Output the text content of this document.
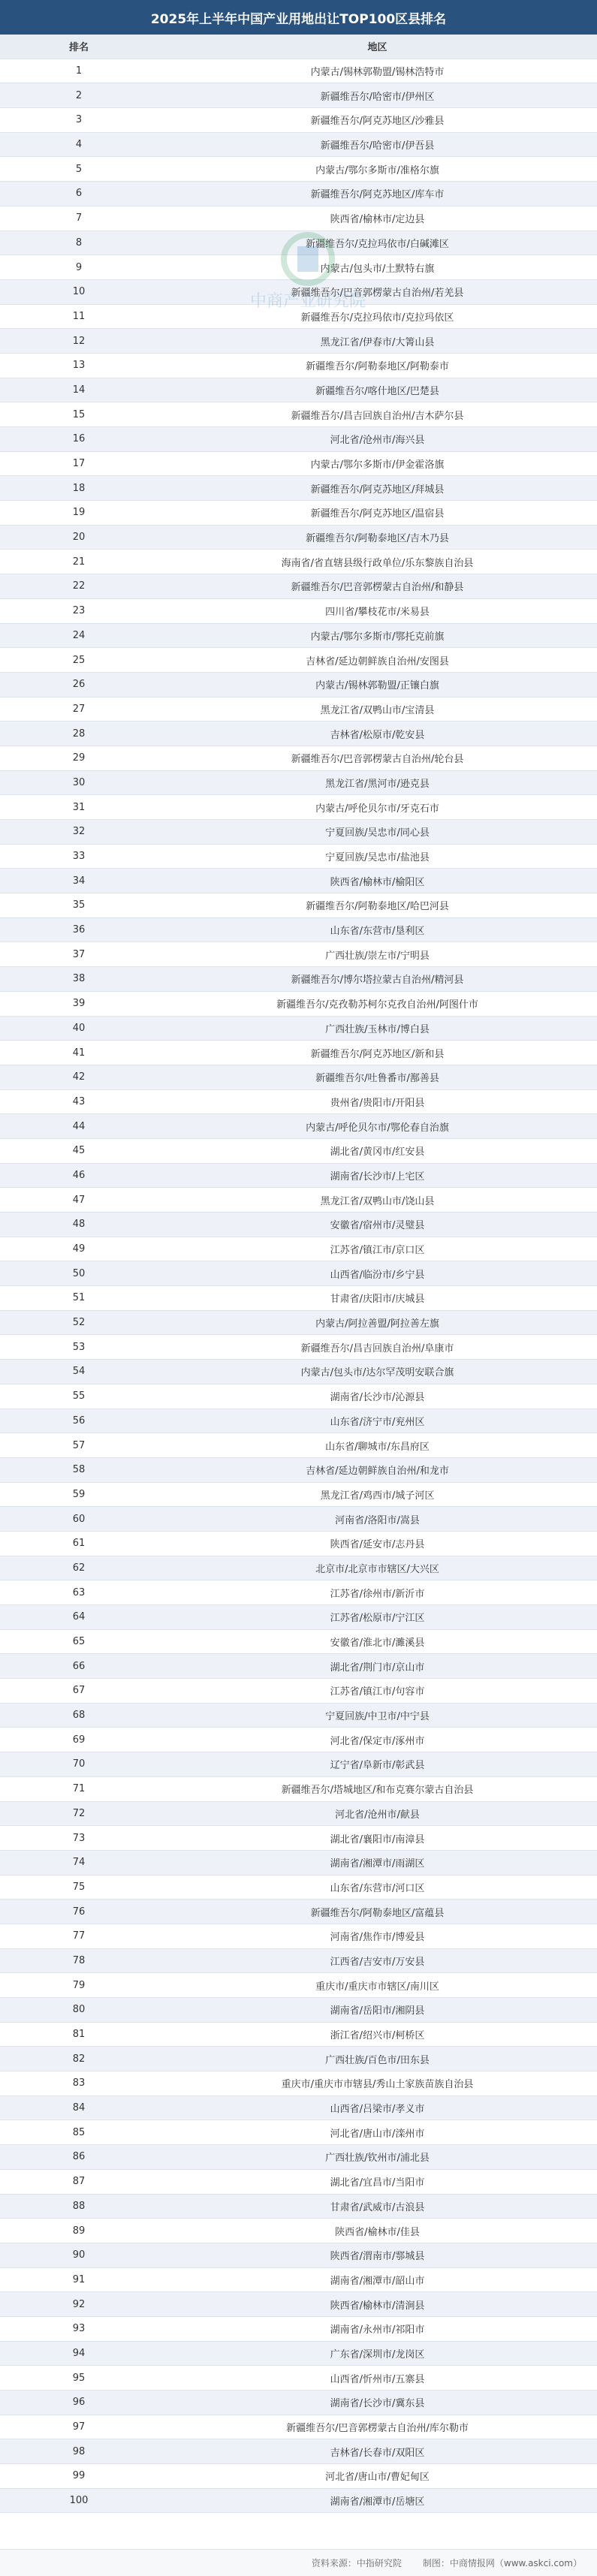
2025年上半年中国产业用地出让TOP100区县排名
排名	地区
1	内蒙古/锡林郭勒盟/锡林浩特市
2	新疆维吾尔/哈密市/伊州区
3	新疆维吾尔/阿克苏地区/沙雅县
4	新疆维吾尔/哈密市/伊吾县
5	内蒙古/鄂尔多斯市/准格尔旗
6	新疆维吾尔/阿克苏地区/库车市
7	陕西省/榆林市/定边县
8	新疆维吾尔/克拉玛依市/白碱滩区
9	内蒙古/包头市/土默特右旗
10	新疆维吾尔/巴音郭楞蒙古自治州/若羌县
11	新疆维吾尔/克拉玛依市/克拉玛依区
12	黑龙江省/伊春市/大箐山县
13	新疆维吾尔/阿勒泰地区/阿勒泰市
14	新疆维吾尔/喀什地区/巴楚县
15	新疆维吾尔/昌吉回族自治州/吉木萨尔县
16	河北省/沧州市/海兴县
17	内蒙古/鄂尔多斯市/伊金霍洛旗
18	新疆维吾尔/阿克苏地区/拜城县
19	新疆维吾尔/阿克苏地区/温宿县
20	新疆维吾尔/阿勒泰地区/吉木乃县
21	海南省/省直辖县级行政单位/乐东黎族自治县
22	新疆维吾尔/巴音郭楞蒙古自治州/和静县
23	四川省/攀枝花市/米易县
24	内蒙古/鄂尔多斯市/鄂托克前旗
25	吉林省/延边朝鲜族自治州/安图县
26	内蒙古/锡林郭勒盟/正镶白旗
27	黑龙江省/双鸭山市/宝清县
28	吉林省/松原市/乾安县
29	新疆维吾尔/巴音郭楞蒙古自治州/轮台县
30	黑龙江省/黑河市/逊克县
31	内蒙古/呼伦贝尔市/牙克石市
32	宁夏回族/吴忠市/同心县
33	宁夏回族/吴忠市/盐池县
34	陕西省/榆林市/榆阳区
35	新疆维吾尔/阿勒泰地区/哈巴河县
36	山东省/东营市/垦利区
37	广西壮族/崇左市/宁明县
38	新疆维吾尔/博尔塔拉蒙古自治州/精河县
39	新疆维吾尔/克孜勒苏柯尔克孜自治州/阿图什市
40	广西壮族/玉林市/博白县
41	新疆维吾尔/阿克苏地区/新和县
42	新疆维吾尔/吐鲁番市/鄯善县
43	贵州省/贵阳市/开阳县
44	内蒙古/呼伦贝尔市/鄂伦春自治旗
45	湖北省/黄冈市/红安县
46	湖南省/长沙市/上宅区
47	黑龙江省/双鸭山市/饶山县
48	安徽省/宿州市/灵璧县
49	江苏省/镇江市/京口区
50	山西省/临汾市/乡宁县
51	甘肃省/庆阳市/庆城县
52	内蒙古/阿拉善盟/阿拉善左旗
53	新疆维吾尔/昌吉回族自治州/阜康市
54	内蒙古/包头市/达尔罕茂明安联合旗
55	湖南省/长沙市/沁源县
56	山东省/济宁市/兖州区
57	山东省/聊城市/东昌府区
58	吉林省/延边朝鲜族自治州/和龙市
59	黑龙江省/鸡西市/城子河区
60	河南省/洛阳市/嵩县
61	陕西省/延安市/志丹县
62	北京市/北京市市辖区/大兴区
63	江苏省/徐州市/新沂市
64	江苏省/松原市/宁江区
65	安徽省/淮北市/濉溪县
66	湖北省/荆门市/京山市
67	江苏省/镇江市/句容市
68	宁夏回族/中卫市/中宁县
69	河北省/保定市/涿州市
70	辽宁省/阜新市/彰武县
71	新疆维吾尔/塔城地区/和布克赛尔蒙古自治县
72	河北省/沧州市/献县
73	湖北省/襄阳市/南漳县
74	湖南省/湘潭市/雨湖区
75	山东省/东营市/河口区
76	新疆维吾尔/阿勒泰地区/富蕴县
77	河南省/焦作市/博爱县
78	江西省/吉安市/万安县
79	重庆市/重庆市市辖区/南川区
80	湖南省/岳阳市/湘阴县
81	浙江省/绍兴市/柯桥区
82	广西壮族/百色市/田东县
83	重庆市/重庆市市辖县/秀山土家族苗族自治县
84	山西省/吕梁市/孝义市
85	河北省/唐山市/滦州市
86	广西壮族/钦州市/浦北县
87	湖北省/宜昌市/当阳市
88	甘肃省/武威市/古浪县
89	陕西省/榆林市/佳县
90	陕西省/渭南市/鄠城县
91	湖南省/湘潭市/韶山市
92	陕西省/榆林市/清涧县
93	湖南省/永州市/祁阳市
94	广东省/深圳市/龙岗区
95	山西省/忻州市/五寨县
96	湖南省/长沙市/冀东县
97	新疆维吾尔/巴音郭楞蒙古自治州/库尔勒市
98	吉林省/长春市/双阳区
99	河北省/唐山市/曹妃甸区
100	湖南省/湘潭市/岳塘区
中商产业研究院
资料来源：中指研究院 制图：中商情报网（www.askci.com）
